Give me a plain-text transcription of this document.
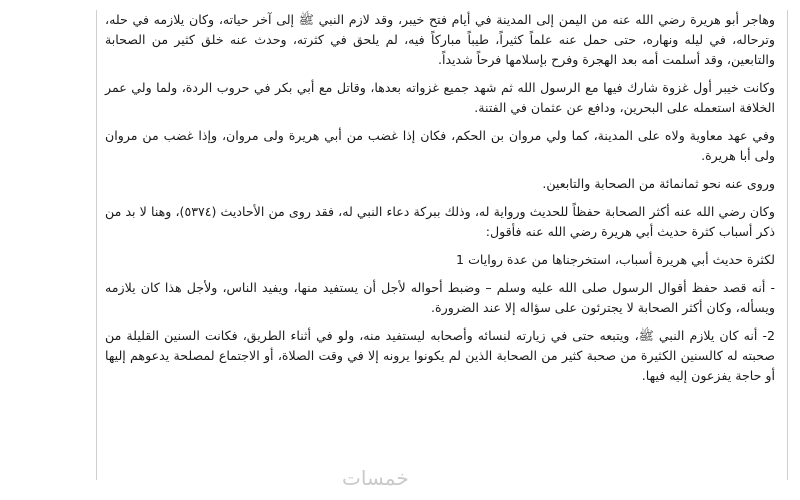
وهاجر أبو هريرة رضي الله عنه من اليمن إلى المدينة في أيام فتح خيبر، وقد لازم النبي ﷺ إلى آخر حياته، وكان يلازمه في حله، وترحاله، في ليله ونهاره، حتى حمل عنه علماً كثيراً، طيباً مباركاً فيه، لم يلحق في كثرته، وحدث عنه خلق كثير من الصحابة والتابعين، وقد أسلمت أمه بعد الهجرة وفرح بإسلامها فرحاً شديداً.

وكانت خيبر أول غزوة شارك فيها مع الرسول الله ثم شهد جميع غزواته بعدها، وقاتل مع أبي بكر في حروب الردة، ولما ولي عمر الخلافة استعمله على البحرين، ودافع عن عثمان في الفتنة.

وفي عهد معاوية ولاه على المدينة، كما ولي مروان بن الحكم، فكان إذا غضب من أبي هريرة ولى مروان، وإذا غضب من مروان ولى أبا هريرة.

وروى عنه نحو ثمانمائة من الصحابة والتابعين.

وكان رضي الله عنه أكثر الصحابة حفظاً للحديث ورواية له، وذلك ببركة دعاء النبي له، فقد روى من الأحاديث (٥٣٧٤)، وهنا لا بد من ذكر أسباب كثرة حديث أبي هريرة رضي الله عنه فأقول:

لكثرة حديث أبي هريرة أسباب، استخرجناها من عدة روايات 1

- أنه قصد حفظ أقوال الرسول صلى الله عليه وسلم – وضبط أحواله لأجل أن يستفيد منها، ويفيد الناس، ولأجل هذا كان يلازمه ويسأله، وكان أكثر الصحابة لا يجترئون على سؤاله إلا عند الضرورة.

2- أنه كان يلازم النبي ﷺ، ويتبعه حتى في زيارته لنسائه وأصحابه ليستفيد منه، ولو في أثناء الطريق، فكانت السنين القليلة من صحبته له كالسنين الكثيرة من صحبة كثير من الصحابة الذين لم يكونوا يرونه إلا في وقت الصلاة، أو الاجتماع لمصلحة يدعوهم إليها أو حاجة يفزعون إليه فيها.

خمسات
